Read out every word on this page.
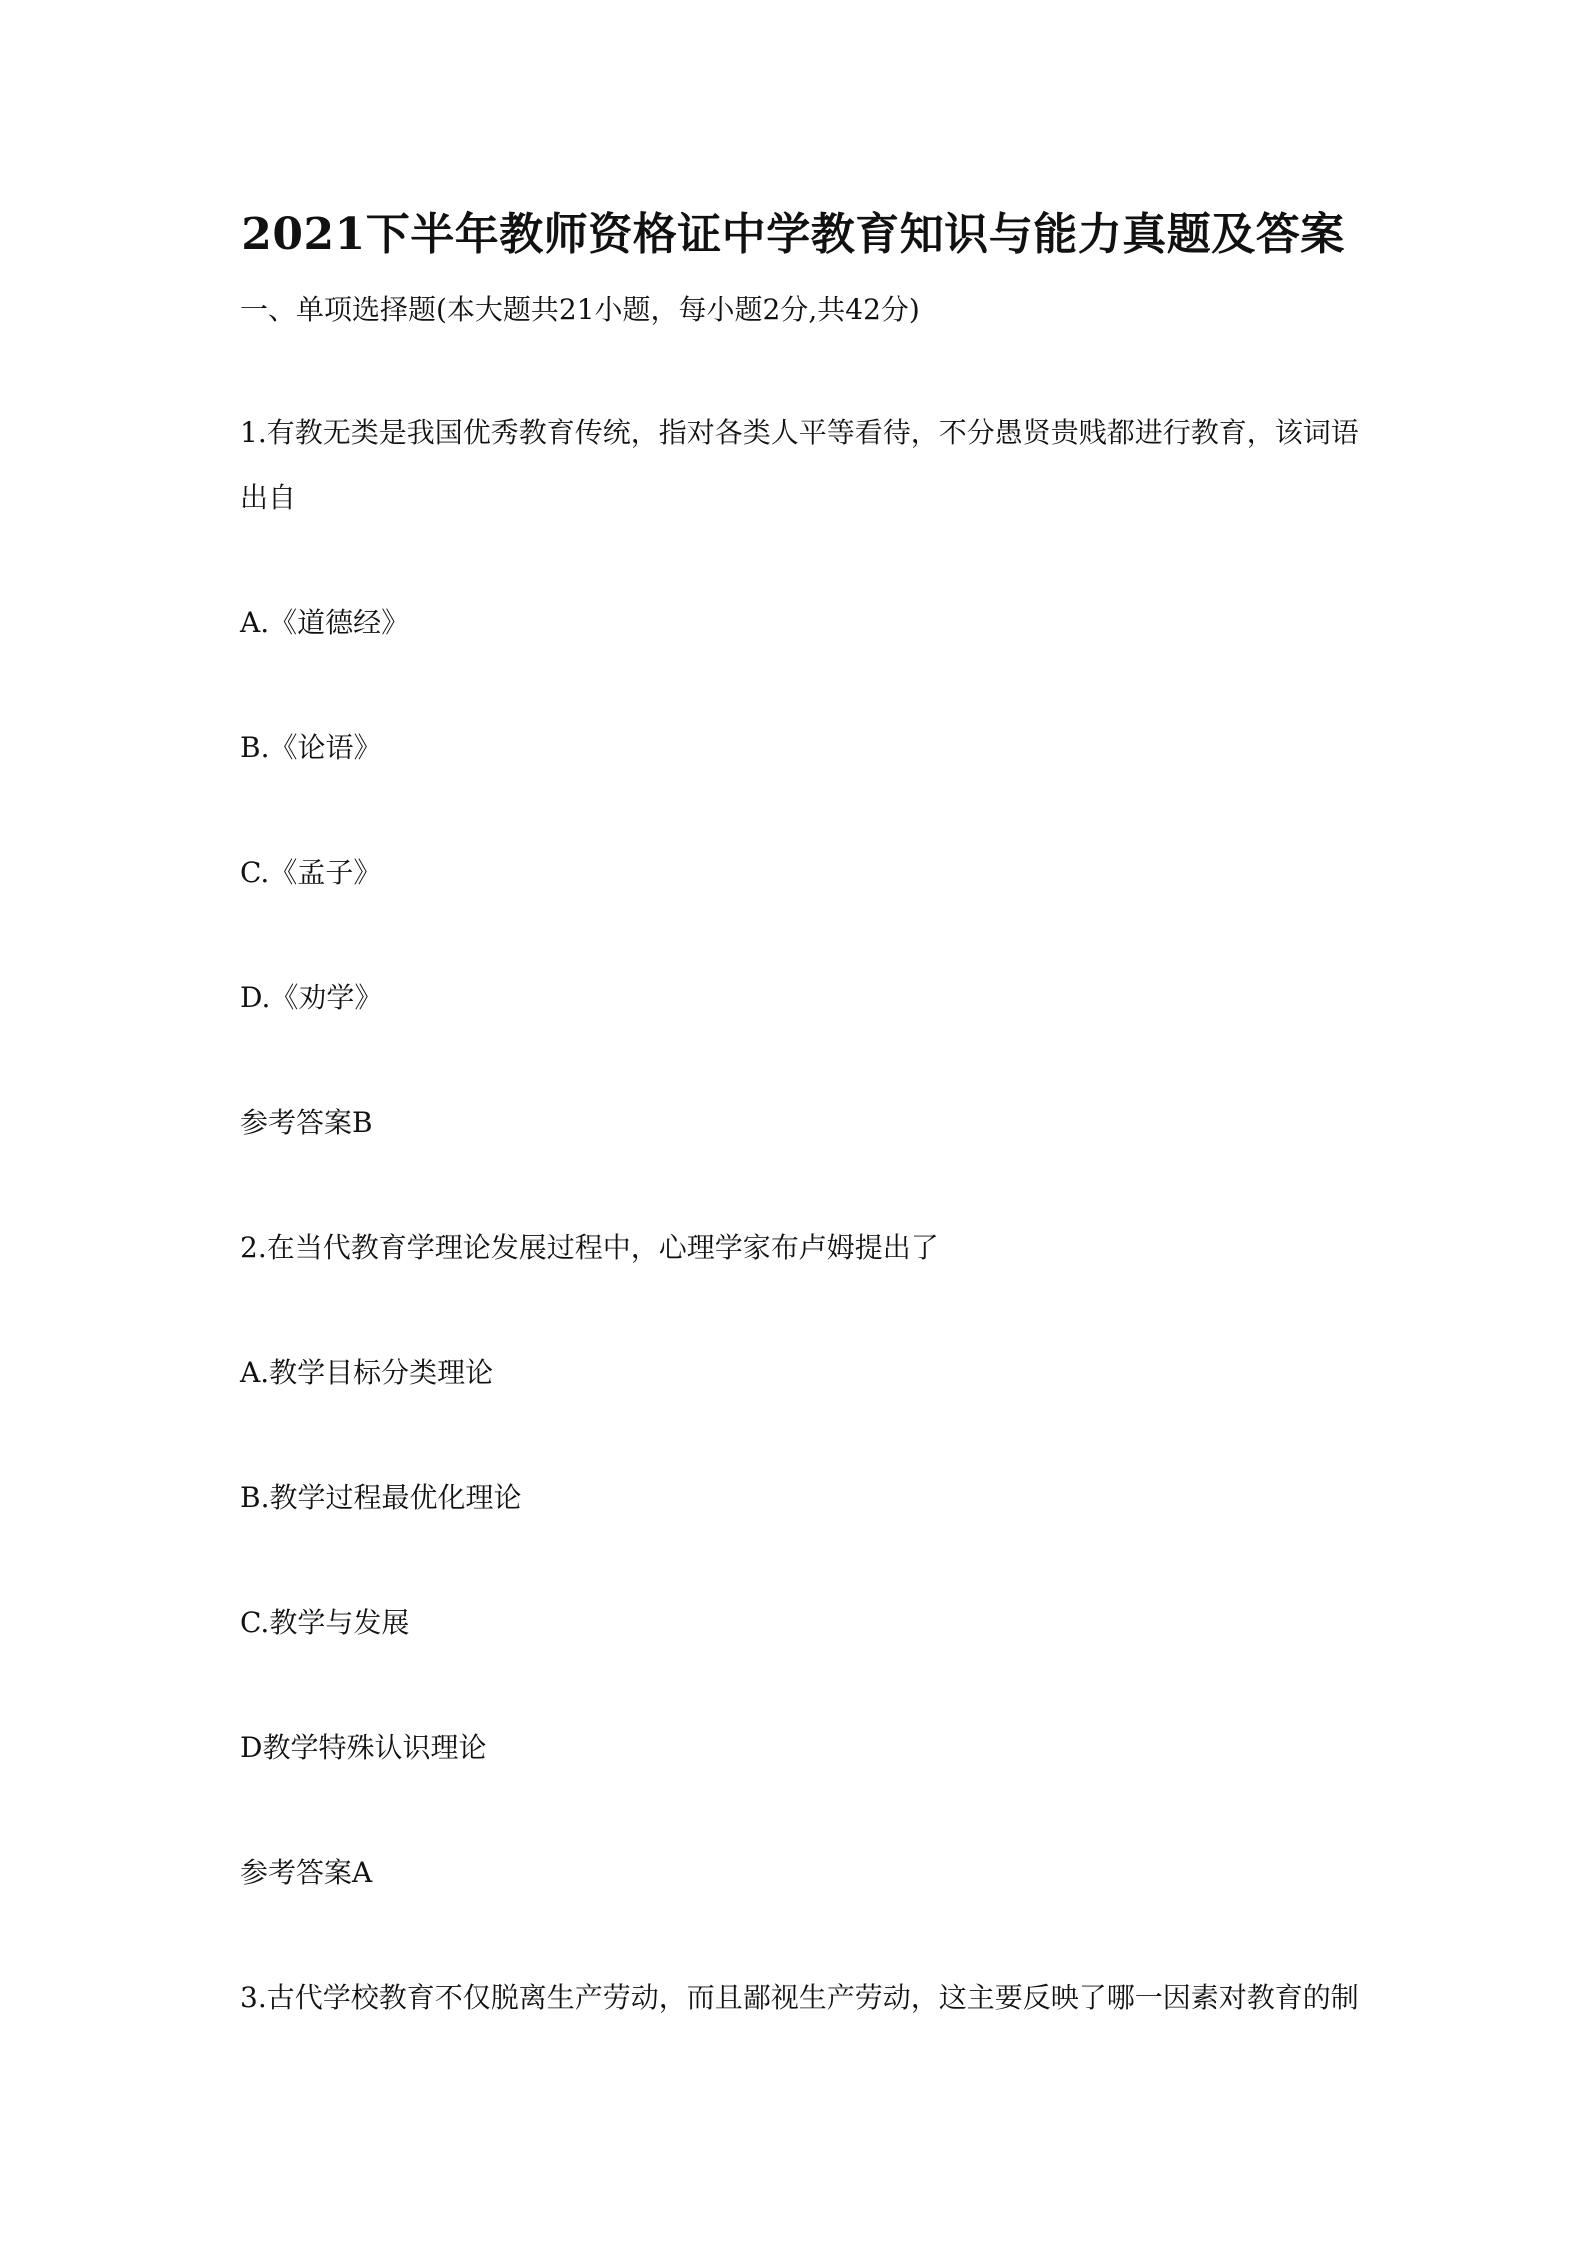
2021下半年教师资格证中学教育知识与能力真题及答案
一、单项选择题(本大题共21小题，每小题2分,共42分)
1.有教无类是我国优秀教育传统，指对各类人平等看待，不分愚贤贵贱都进行教育，该词语
出自
A.《道德经》
B.《论语》
C.《孟子》
D.《劝学》
参考答案B
2.在当代教育学理论发展过程中，心理学家布卢姆提出了
A.教学目标分类理论
B.教学过程最优化理论
C.教学与发展
D教学特殊认识理论
参考答案A
3.古代学校教育不仅脱离生产劳动，而且鄙视生产劳动，这主要反映了哪一因素对教育的制
